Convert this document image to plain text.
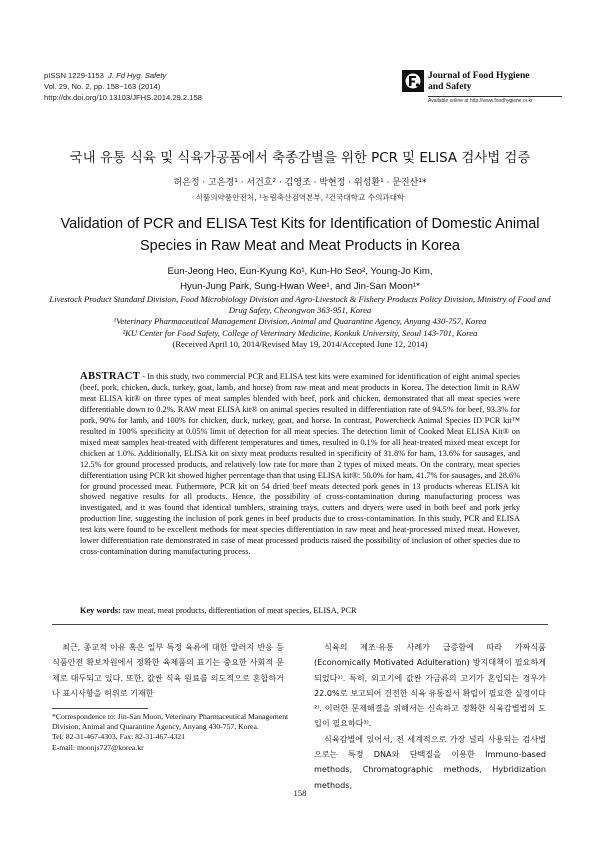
pISSN 1229-1153 J. Fd Hyg. Safety
Vol. 29, No. 2, pp. 158~163 (2014)
http://dx.doi.org/10.13103/JFHS.2014.29.2.158
Journal of Food Hygiene
and Safety
Available online at http://www.foodhygiene.or.kr
국내 유통 식육 및 식육가공품에서 축종감별을 위한 PCR 및 ELISA 검사법 검증
허은정 · 고은경¹ · 서건호² · 김영조 · 박현정 · 위성환¹ · 문진산¹*
식품의약품안전처, ¹농림축산검역본부, ²건국대학교 수의과대학
Validation of PCR and ELISA Test Kits for Identification of Domestic Animal Species in Raw Meat and Meat Products in Korea
Eun-Jeong Heo, Eun-Kyung Ko¹, Kun-Ho Seo², Young-Jo Kim,
Hyun-Jung Park, Sung-Hwan Wee¹, and Jin-San Moon¹*
Livestock Product Standard Division, Food Microbiology Division and Agro-Livestock & Fishery Products Policy Division, Ministry of Food and Drug Safety, Cheongwon 363-951, Korea
¹Veterinary Pharmaceutical Management Division, Animal and Quarantine Agency, Anyang 430-757, Korea
²KU Center for Food Safety, College of Veterinary Medicine, Konkuk University, Seoul 143-701, Korea
(Received April 10, 2014/Revised May 19, 2014/Accepted June 12, 2014)
ABSTRACT - In this study, two commercial PCR and ELISA test kits were examined for identification of eight animal species (beef, pork, chicken, duck, turkey, goat, lamb, and horse) from raw meat and meat products in Korea. The detection limit in RAW meat ELISA kit® on three types of meat samples blended with beef, pork and chicken, demonstrated that all meat species were differentiable down to 0.2%. RAW meat ELISA kit® on animal species resulted in differentiation rate of 94.5% for beef, 93.3% for pork, 90% for lamb, and 100% for chicken, duck, turkey, goat, and horse. In contrast, Powercheck Animal Species ID PCR kit™ resulted in 100% specificity at 0.05% limit of detection for all meat species. The detection limit of Cooked Meat ELISA Kit® on mixed meat samples heat-treated with different temperatures and times, resulted in 0.1% for all heat-treated mixed meat except for chicken at 1.0%. Additionally, ELISA kit on sixty meat products resulted in specificity of 31.8% for ham, 13.6% for sausages, and 12.5% for ground processed products, and relatively low rate for more than 2 types of mixed meats. On the contrary, meat species differentiation using PCR kit showed higher percentage than that using ELISA kit®: 50.0% for ham, 41.7% for sausages, and 28.6% for ground processed meat. Futhermore, PCR kit on 54 dried beef meats detected pork genes in 13 products whereas ELISA kit showed negative results for all products. Hence, the possibility of cross-contamination during manufacturing process was investigated, and it was found that identical tumblers, straining trays, cutters and dryers were used in both beef and pork jerky production line, suggesting the inclusion of pork genes in beef products due to cross-contamination. In this study, PCR and ELISA test kits were found to be excellent methods for meat species differentiation in raw meat and heat-processed mixed meat. However, lower differentiation rate demonstrated in case of meat processed products raised the possibility of inclusion of other species due to cross-contamination during manufacturing process.
Key words: raw meat, meat products, differentiation of meat species, ELISA, PCR

최근, 종교적 이유 혹은 일부 특정 육류에 대한 알러지 반응 등 식품안전 확보차원에서 정확한 육제품의 표기는 중요한 사회적 문제로 대두되고 있다. 또한, 값싼 식육 원료를 의도적으로 혼합하거나 표시사항을 허위로 기재한

식육의 제조·유통 사례가 급증함에 따라 가짜식품(Economically Motivated Adulteration) 방지대책이 필요하게 되었다¹⁾. 특히, 외고기에 값싼 가금류의 고기가 혼입되는 경우가 22.0%로 보고되어 건전한 식육 유통질서 확립이 필요한 실정이다²⁾. 이러한 문제해결을 위해서는 신속하고 정확한 식육감별법의 도입이 필요하다³⁾.

식육감별에 있어서, 전 세계적으로 가장 널리 사용되는 검사법으로는 특정 DNA와 단백질을 이용한 Immuno-based methods, Chromatographic methods, Hybridization methods,

*Correspondence to: Jin-San Moon, Veterinary Pharmaceutical Management Division, Animal and Quarantine Agency, Anyang 430-757, Korea.
Tel: 82-31-467-4303, Fax: 82-31-467-4321
E-mail: moonjs727@korea.kr
158
